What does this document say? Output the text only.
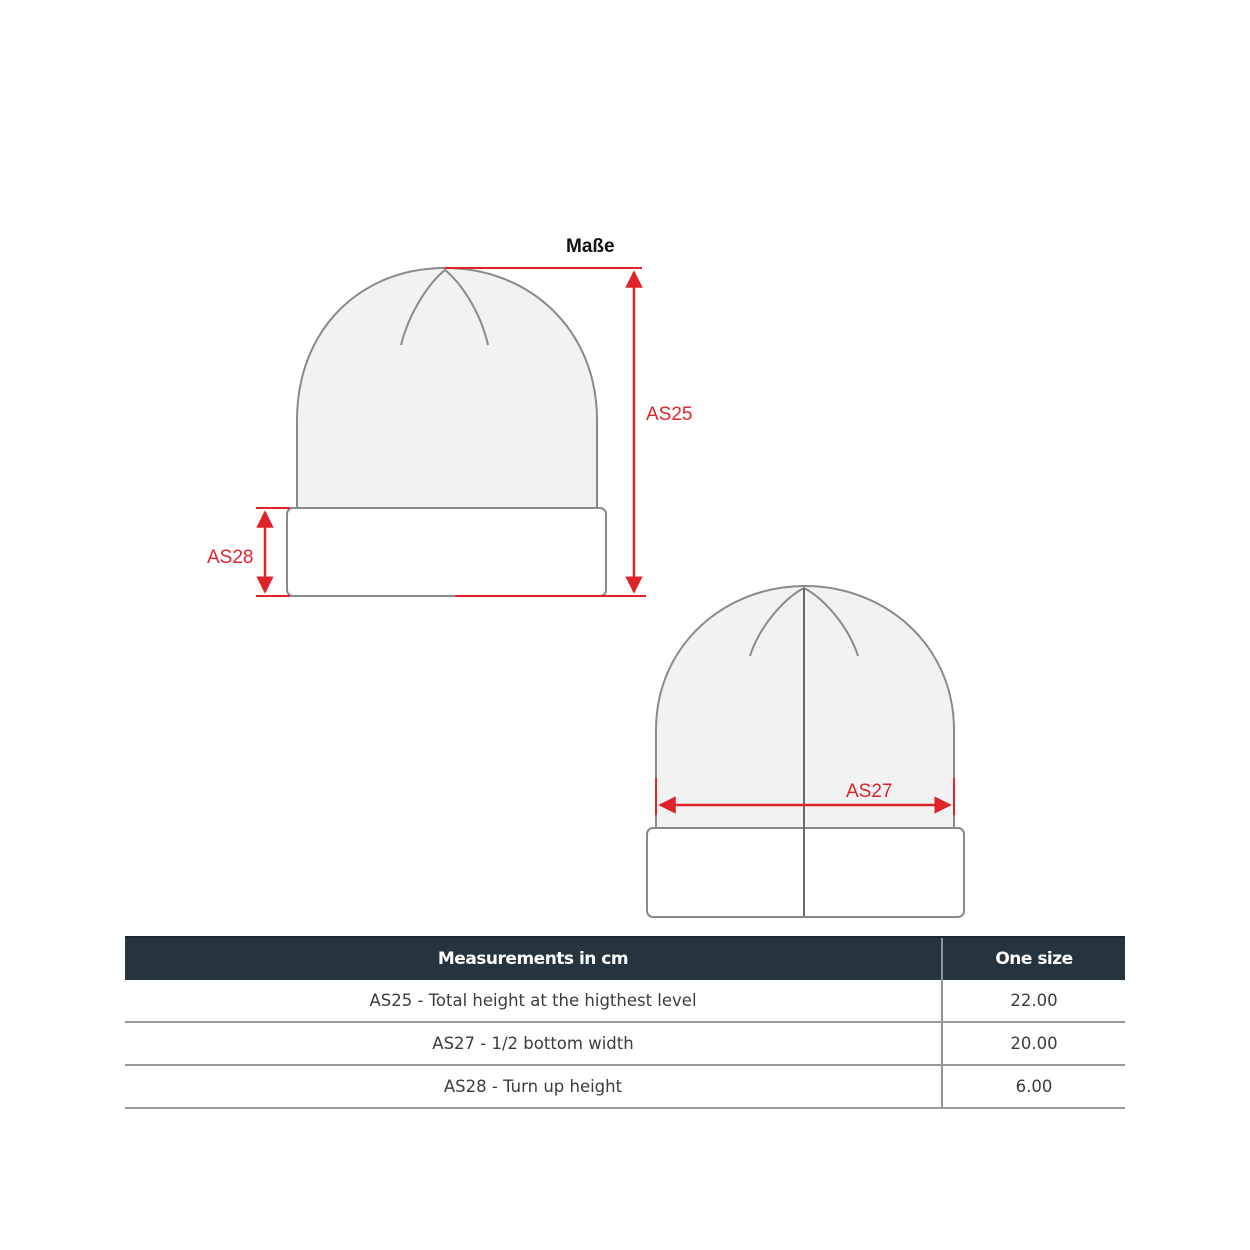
Maße
AS25
AS28
AS27
Measurements in cm	One size
AS25 - Total height at the higthest level	22.00
AS27 - 1/2 bottom width	20.00
AS28 - Turn up height	6.00
